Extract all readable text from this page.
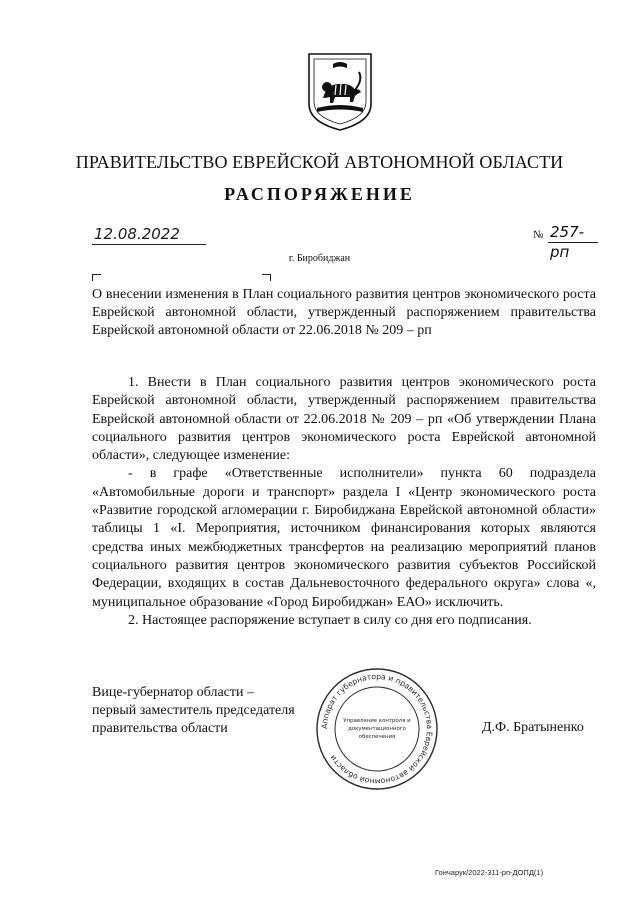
ПРАВИТЕЛЬСТВО ЕВРЕЙСКОЙ АВТОНОМНОЙ ОБЛАСТИ
РАСПОРЯЖЕНИЕ
12.08.2022	№ 257-рп
г. Биробиджан
О внесении изменения в План социального развития центров экономического роста Еврейской автономной области, утвержденный распоряжением правительства Еврейской автономной области от 22.06.2018 № 209 – рп

1. Внести в План социального развития центров экономического роста Еврейской автономной области, утвержденный распоряжением правительства Еврейской автономной области от 22.06.2018 № 209 – рп «Об утверждении Плана социального развития центров экономического роста Еврейской автономной области», следующее изменение:

- в графе «Ответственные исполнители» пункта 60 подраздела «Автомобильные дороги и транспорт» раздела I «Центр экономического роста «Развитие городской агломерации г. Биробиджана Еврейской автономной области» таблицы 1 «I. Мероприятия, источником финансирования которых являются средства иных межбюджетных трансфертов на реализацию мероприятий планов социального развития центров экономического развития субъектов Российской Федерации, входящих в состав Дальневосточного федерального округа» слова «, муниципальное образование «Город Биробиджан» ЕАО» исключить.

2. Настоящее распоряжение вступает в силу со дня его подписания.

Вице-губернатор области –
первый заместитель председателя
правительства области	Аппарат губернатора и правительства Еврейской автономной области
Управление контроля и
документационного
обеспечения
Д.Ф. Братыненко
Гончарук/2022-311-рп-ДОПД(1)
